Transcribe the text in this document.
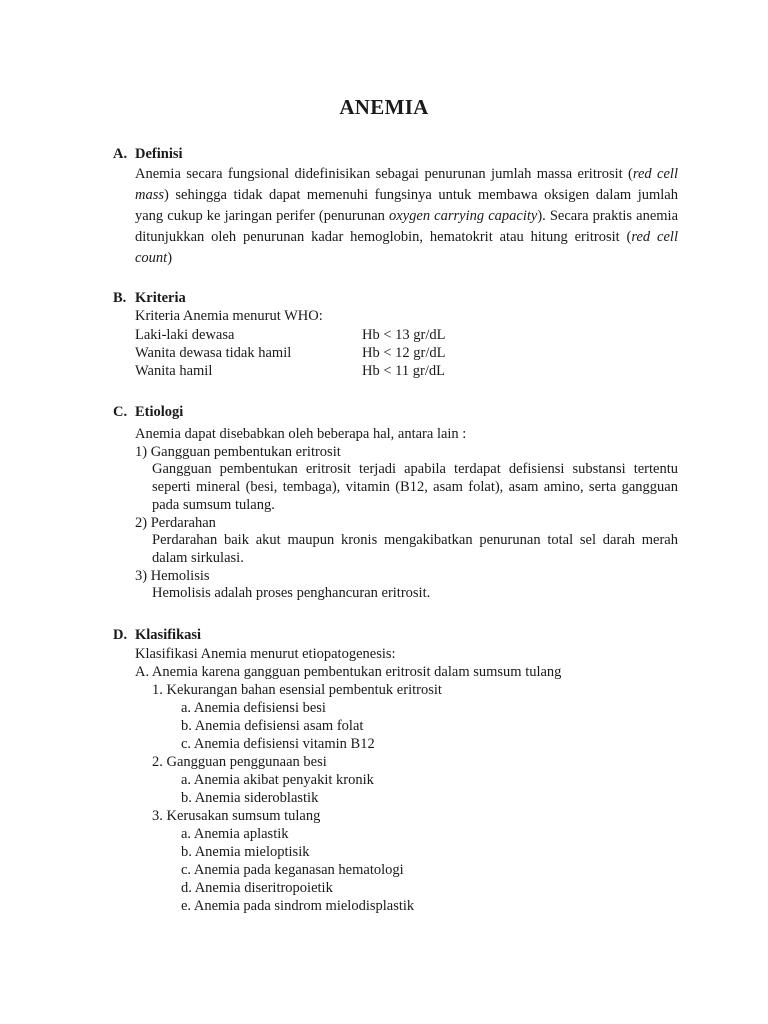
ANEMIA
A. Definisi
Anemia secara fungsional didefinisikan sebagai penurunan jumlah massa eritrosit (red cell mass) sehingga tidak dapat memenuhi fungsinya untuk membawa oksigen dalam jumlah yang cukup ke jaringan perifer (penurunan oxygen carrying capacity). Secara praktis anemia ditunjukkan oleh penurunan kadar hemoglobin, hematokrit atau hitung eritrosit (red cell count)
B. Kriteria
Kriteria Anemia menurut WHO:
Laki-laki dewasa	Hb < 13 gr/dL
Wanita dewasa tidak hamil	Hb < 12 gr/dL
Wanita hamil	Hb < 11 gr/dL
C. Etiologi
Anemia dapat disebabkan oleh beberapa hal, antara lain :
1) Gangguan pembentukan eritrosit
Gangguan pembentukan eritrosit terjadi apabila terdapat defisiensi substansi tertentu seperti mineral (besi, tembaga), vitamin (B12, asam folat), asam amino, serta gangguan pada sumsum tulang.
2) Perdarahan
Perdarahan baik akut maupun kronis mengakibatkan penurunan total sel darah merah dalam sirkulasi.
3) Hemolisis
Hemolisis adalah proses penghancuran eritrosit.
D. Klasifikasi
Klasifikasi Anemia menurut etiopatogenesis:
A. Anemia karena gangguan pembentukan eritrosit dalam sumsum tulang
1. Kekurangan bahan esensial pembentuk eritrosit
a. Anemia defisiensi besi
b. Anemia defisiensi asam folat
c. Anemia defisiensi vitamin B12
2. Gangguan penggunaan besi
a. Anemia akibat penyakit kronik
b. Anemia sideroblastik
3. Kerusakan sumsum tulang
a. Anemia aplastik
b. Anemia mieloptisik
c. Anemia pada keganasan hematologi
d. Anemia diseritropoietik
e. Anemia pada sindrom mielodisplastik
